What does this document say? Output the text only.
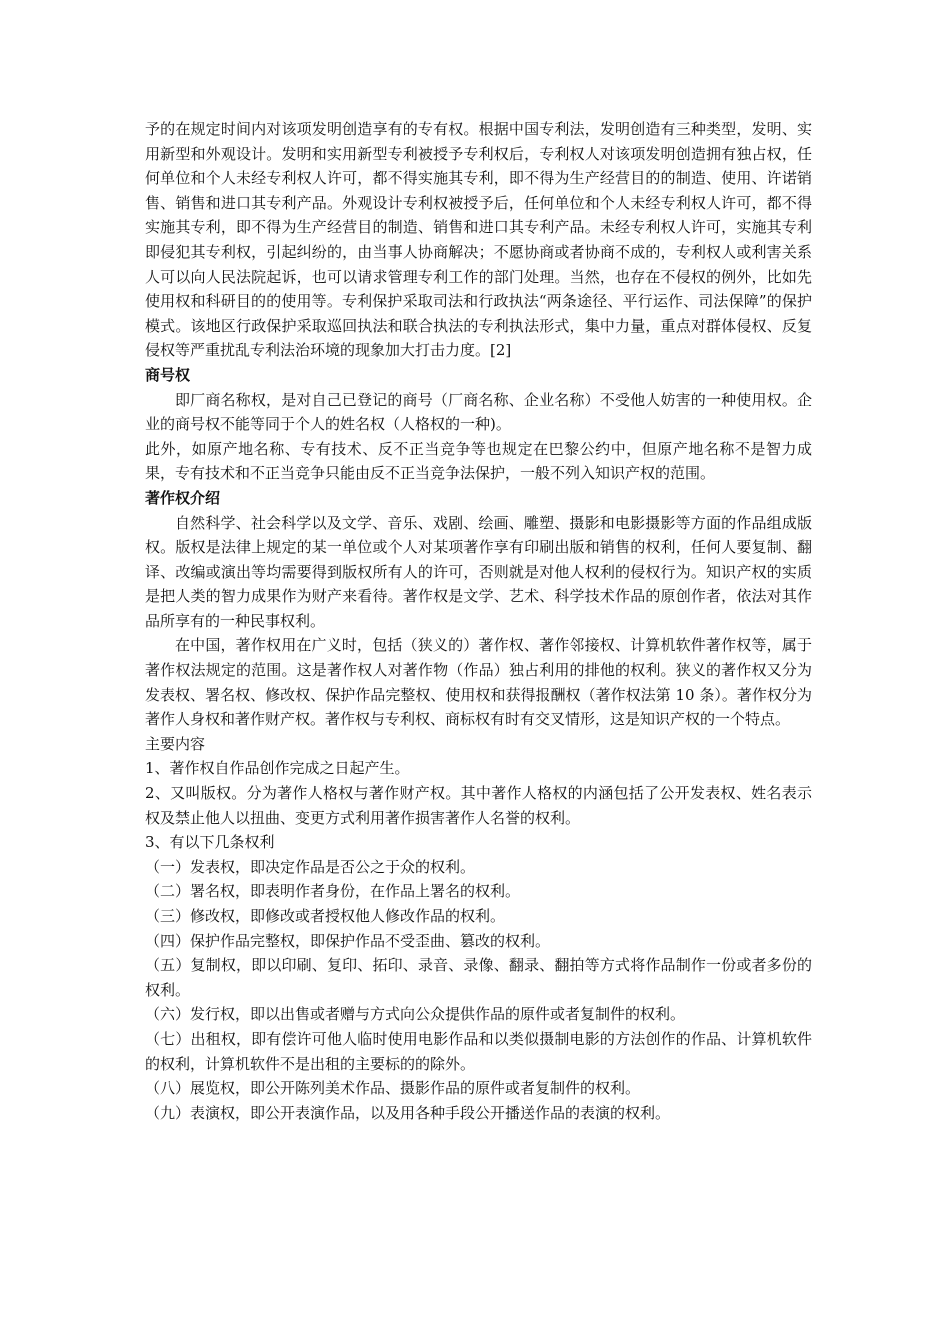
予的在规定时间内对该项发明创造享有的专有权。根据中国专利法，发明创造有三种类型，发明、实用新型和外观设计。发明和实用新型专利被授予专利权后，专利权人对该项发明创造拥有独占权，任何单位和个人未经专利权人许可，都不得实施其专利，即不得为生产经营目的的制造、使用、许诺销售、销售和进口其专利产品。外观设计专利权被授予后，任何单位和个人未经专利权人许可，都不得实施其专利，即不得为生产经营目的制造、销售和进口其专利产品。未经专利权人许可，实施其专利即侵犯其专利权，引起纠纷的，由当事人协商解决；不愿协商或者协商不成的，专利权人或利害关系人可以向人民法院起诉，也可以请求管理专利工作的部门处理。当然，也存在不侵权的例外，比如先使用权和科研目的的使用等。专利保护采取司法和行政执法“两条途径、平行运作、司法保障”的保护模式。该地区行政保护采取巡回执法和联合执法的专利执法形式，集中力量，重点对群体侵权、反复侵权等严重扰乱专利法治环境的现象加大打击力度。[2]

商号权

即厂商名称权，是对自己已登记的商号（厂商名称、企业名称）不受他人妨害的一种使用权。企业的商号权不能等同于个人的姓名权（人格权的一种)。

此外，如原产地名称、专有技术、反不正当竞争等也规定在巴黎公约中，但原产地名称不是智力成果，专有技术和不正当竞争只能由反不正当竞争法保护，一般不列入知识产权的范围。

著作权介绍

自然科学、社会科学以及文学、音乐、戏剧、绘画、雕塑、摄影和电影摄影等方面的作品组成版权。版权是法律上规定的某一单位或个人对某项著作享有印刷出版和销售的权利，任何人要复制、翻译、改编或演出等均需要得到版权所有人的许可，否则就是对他人权利的侵权行为。知识产权的实质是把人类的智力成果作为财产来看待。著作权是文学、艺术、科学技术作品的原创作者，依法对其作品所享有的一种民事权利。

在中国，著作权用在广义时，包括（狭义的）著作权、著作邻接权、计算机软件著作权等，属于著作权法规定的范围。这是著作权人对著作物（作品）独占利用的排他的权利。狭义的著作权又分为发表权、署名权、修改权、保护作品完整权、使用权和获得报酬权（著作权法第 10 条）。著作权分为著作人身权和著作财产权。著作权与专利权、商标权有时有交叉情形，这是知识产权的一个特点。

主要内容

1、著作权自作品创作完成之日起产生。

2、又叫版权。分为著作人格权与著作财产权。其中著作人格权的内涵包括了公开发表权、姓名表示权及禁止他人以扭曲、变更方式利用著作损害著作人名誉的权利。

3、有以下几条权利

（一）发表权，即决定作品是否公之于众的权利。

（二）署名权，即表明作者身份，在作品上署名的权利。

（三）修改权，即修改或者授权他人修改作品的权利。

（四）保护作品完整权，即保护作品不受歪曲、篡改的权利。

（五）复制权，即以印刷、复印、拓印、录音、录像、翻录、翻拍等方式将作品制作一份或者多份的权利。

（六）发行权，即以出售或者赠与方式向公众提供作品的原件或者复制件的权利。

（七）出租权，即有偿许可他人临时使用电影作品和以类似摄制电影的方法创作的作品、计算机软件的权利，计算机软件不是出租的主要标的的除外。

（八）展览权，即公开陈列美术作品、摄影作品的原件或者复制件的权利。

（九）表演权，即公开表演作品，以及用各种手段公开播送作品的表演的权利。
